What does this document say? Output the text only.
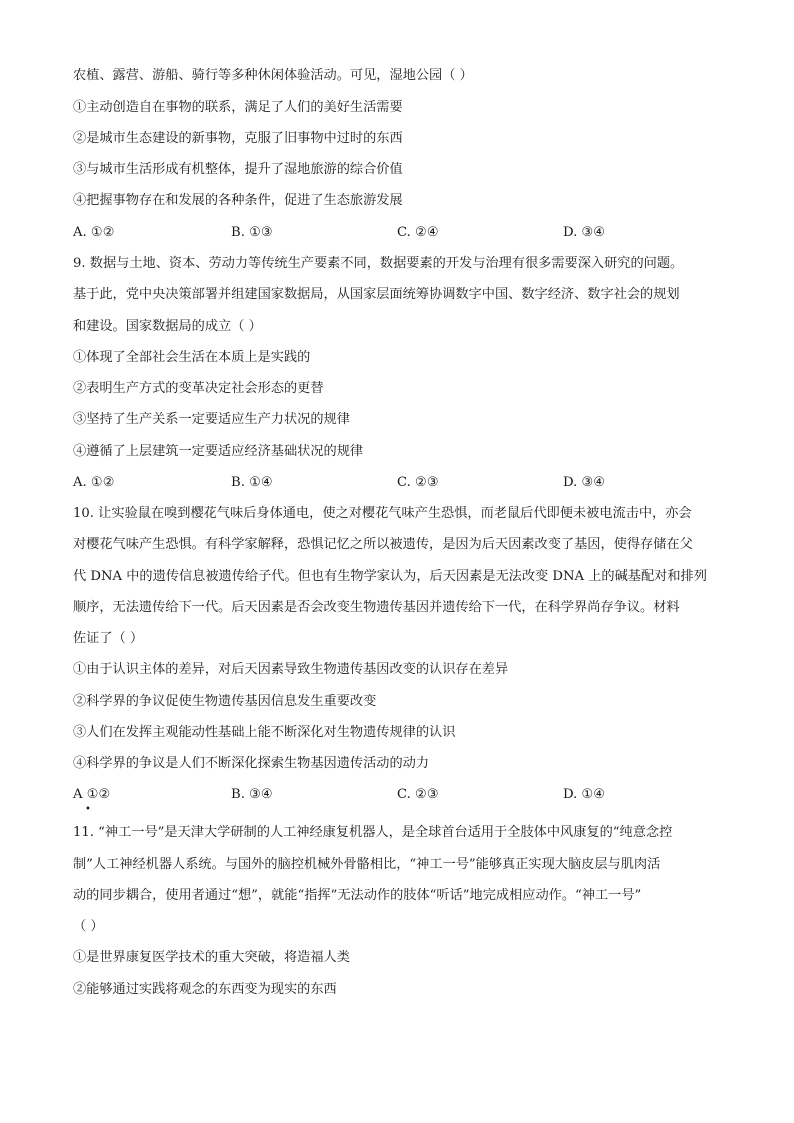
农植、露营、游船、骑行等多种休闲体验活动。可见，湿地公园（ ）
①主动创造自在事物的联系，满足了人们的美好生活需要
②是城市生态建设的新事物，克服了旧事物中过时的东西
③与城市生活形成有机整体，提升了湿地旅游的综合价值
④把握事物存在和发展的各种条件，促进了生态旅游发展
A. ①②	B. ①③	C. ②④	D. ③④
9. 数据与土地、资本、劳动力等传统生产要素不同，数据要素的开发与治理有很多需要深入研究的问题。
基于此，党中央决策部署并组建国家数据局，从国家层面统筹协调数字中国、数字经济、数字社会的规划
和建设。国家数据局的成立（ ）
①体现了全部社会生活在本质上是实践的
②表明生产方式的变革决定社会形态的更替
③坚持了生产关系一定要适应生产力状况的规律
④遵循了上层建筑一定要适应经济基础状况的规律
A. ①②	B. ①④	C. ②③	D. ③④
10. 让实验鼠在嗅到樱花气味后身体通电，使之对樱花气味产生恐惧，而老鼠后代即便未被电流击中，亦会
对樱花气味产生恐惧。有科学家解释，恐惧记忆之所以被遗传，是因为后天因素改变了基因，使得存储在父
代 DNA 中的遗传信息被遗传给子代。但也有生物学家认为，后天因素是无法改变 DNA 上的碱基配对和排列
顺序，无法遗传给下一代。后天因素是否会改变生物遗传基因并遗传给下一代，在科学界尚存争议。材料
佐证了（ ）
①由于认识主体的差异，对后天因素导致生物遗传基因改变的认识存在差异
②科学界的争议促使生物遗传基因信息发生重要改变
③人们在发挥主观能动性基础上能不断深化对生物遗传规律的认识
④科学界的争议是人们不断深化探索生物基因遗传活动的动力
A ①②	B. ③④	C. ②③	D. ①④
•
11. “神工一号”是天津大学研制的人工神经康复机器人，是全球首台适用于全肢体中风康复的“纯意念控
制”人工神经机器人系统。与国外的脑控机械外骨骼相比，“神工一号”能够真正实现大脑皮层与肌肉活
动的同步耦合，使用者通过“想”，就能“指挥”无法动作的肢体“听话”地完成相应动作。“神工一号”
（ ）
①是世界康复医学技术的重大突破，将造福人类
②能够通过实践将观念的东西变为现实的东西
